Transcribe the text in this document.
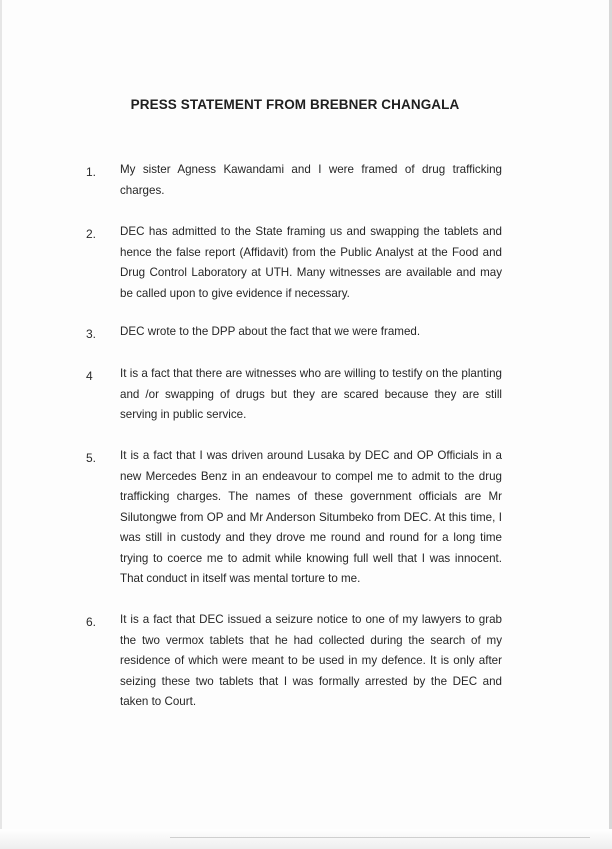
PRESS STATEMENT FROM BREBNER CHANGALA
1. My sister Agness Kawandami and I were framed of drug trafficking charges.
2. DEC has admitted to the State framing us and swapping the tablets and hence the false report (Affidavit) from the Public Analyst at the Food and Drug Control Laboratory at UTH. Many witnesses are available and may be called upon to give evidence if necessary.
3. DEC wrote to the DPP about the fact that we were framed.
4 It is a fact that there are witnesses who are willing to testify on the planting and /or swapping of drugs but they are scared because they are still serving in public service.
5. It is a fact that I was driven around Lusaka by DEC and OP Officials in a new Mercedes Benz in an endeavour to compel me to admit to the drug trafficking charges. The names of these government officials are Mr Silutongwe from OP and Mr Anderson Situmbeko from DEC. At this time, I was still in custody and they drove me round and round for a long time trying to coerce me to admit while knowing full well that I was innocent. That conduct in itself was mental torture to me.
6. It is a fact that DEC issued a seizure notice to one of my lawyers to grab the two vermox tablets that he had collected during the search of my residence of which were meant to be used in my defence. It is only after seizing these two tablets that I was formally arrested by the DEC and taken to Court.
